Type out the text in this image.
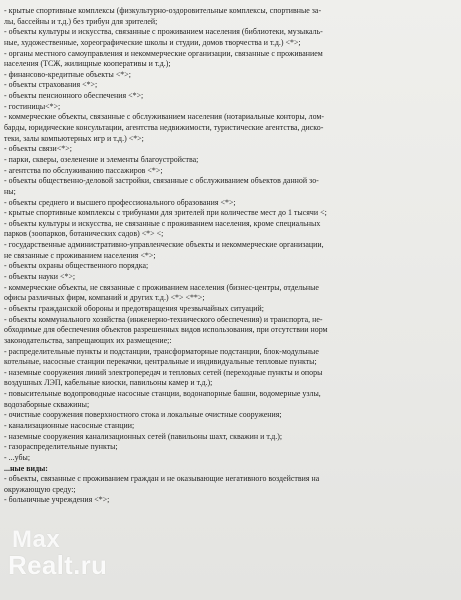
- крытые спортивные комплексы (физкультурно-оздоровительные комплексы, спортивные за-
лы, бассейны и т.д.) без трибун для зрителей;
- объекты культуры и искусства, связанные с проживанием населения (библиотеки, музыкаль-
ные, художественные, хореографические школы и студии, домов творчества и т.д.) <*>;
- органы местного самоуправления и некоммерческие организации, связанные с проживанием
населения (ТСЖ, жилищные кооперативы и т.д.);
- финансово-кредитные объекты <*>;
- объекты страхования <*>;
- объекты пенсионного обеспечения <*>;
- гостиницы<*>;
- коммерческие объекты, связанные с обслуживанием населения (нотариальные конторы, лом-
барды, юридические консультации, агентства недвижимости, туристические агентства, диско-
теки, залы компьютерных игр и т.д.) <*>;
- объекты связи<*>;
- парки, скверы, озеленение и элементы благоустройства;
- агентства по обслуживанию пассажиров <*>;
- объекты общественно-деловой застройки, связанные с обслуживанием объектов данной зо-
ны;
- объекты среднего и высшего профессионального образования <*>;
- крытые спортивные комплексы с трибунами для зрителей при количестве мест до 1 тысячи <;
- объекты культуры и искусства, не связанные с проживанием населения, кроме специальных
парков (зоопарков, ботанических садов) <*> <;
- государственные административно-управленческие объекты и некоммерческие организации,
не связанные с проживанием населения <*>;
- объекты охраны общественного порядка;
- объекты науки <*>;
- коммерческие объекты, не связанные с проживанием населения (бизнес-центры, отдельные
офисы различных фирм, компаний и других т.д.) <*> <**>;
- объекты гражданской обороны и предотвращения чрезвычайных ситуаций;
- объекты коммунального хозяйства (инженерно-технического обеспечения) и транспорта, не-
обходимые для обеспечения объектов разрешенных видов использования, при отсутствии норм
законодательства, запрещающих их размещение;:
- распределительные пункты и подстанции, трансформаторные подстанции, блок-модульные
котельные, насосные станции перекачки, центральные и индивидуальные тепловые пункты;
- наземные сооружения линий электропередач и тепловых сетей (переходные пункты и опоры
воздушных ЛЭП, кабельные киоски, павильоны камер и т.д.);
- повысительные водопроводные насосные станции, водонапорные башни, водомерные узлы,
водозаборные скважины;
- очистные сооружения поверхностного стока и локальные очистные сооружения;
- канализационные насосные станции;
- наземные сооружения канализационных сетей (павильоны шахт, скважин и т.д.);
- газораспределительные пункты;
- ...убы;
...ные виды:
- объекты, связанные с проживанием граждан и не оказывающие негативного воздействия на
окружающую среду:;
- больничные учреждения <*>;
Max
Realt.ru
